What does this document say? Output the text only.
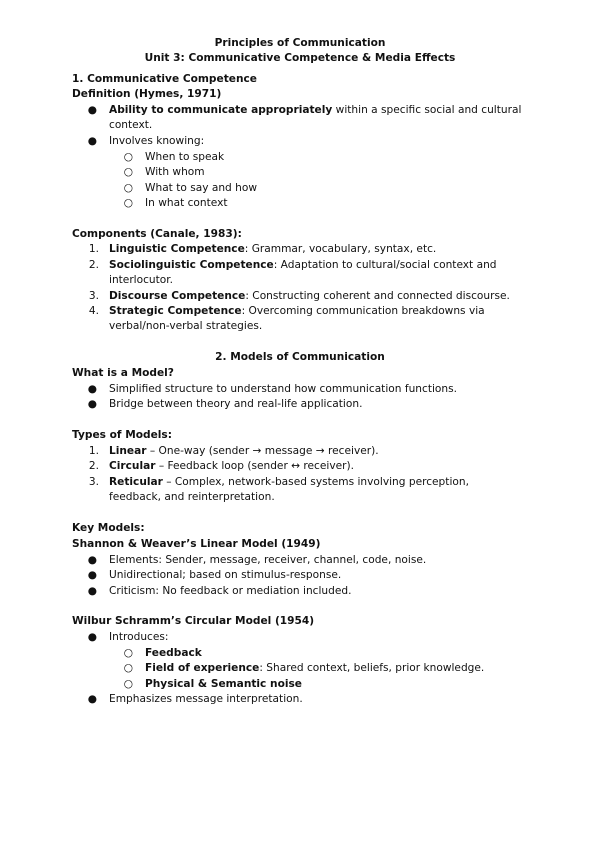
Principles of Communication
Unit 3: Communicative Competence & Media Effects
1. Communicative Competence
Definition (Hymes, 1971)
● Ability to communicate appropriately within a specific social and cultural
context.
● Involves knowing:
○ When to speak
○ With whom
○ What to say and how
○ In what context
Components (Canale, 1983):
1. Linguistic Competence: Grammar, vocabulary, syntax, etc.
2. Sociolinguistic Competence: Adaptation to cultural/social context and
interlocutor.
3. Discourse Competence: Constructing coherent and connected discourse.
4. Strategic Competence: Overcoming communication breakdowns via
verbal/non-verbal strategies.
2. Models of Communication
What is a Model?
● Simplified structure to understand how communication functions.
● Bridge between theory and real-life application.
Types of Models:
1. Linear – One-way (sender → message → receiver).
2. Circular – Feedback loop (sender ↔ receiver).
3. Reticular – Complex, network-based systems involving perception,
feedback, and reinterpretation.
Key Models:
Shannon & Weaver’s Linear Model (1949)
● Elements: Sender, message, receiver, channel, code, noise.
● Unidirectional; based on stimulus-response.
● Criticism: No feedback or mediation included.
Wilbur Schramm’s Circular Model (1954)
● Introduces:
○ Feedback
○ Field of experience: Shared context, beliefs, prior knowledge.
○ Physical & Semantic noise
● Emphasizes message interpretation.
